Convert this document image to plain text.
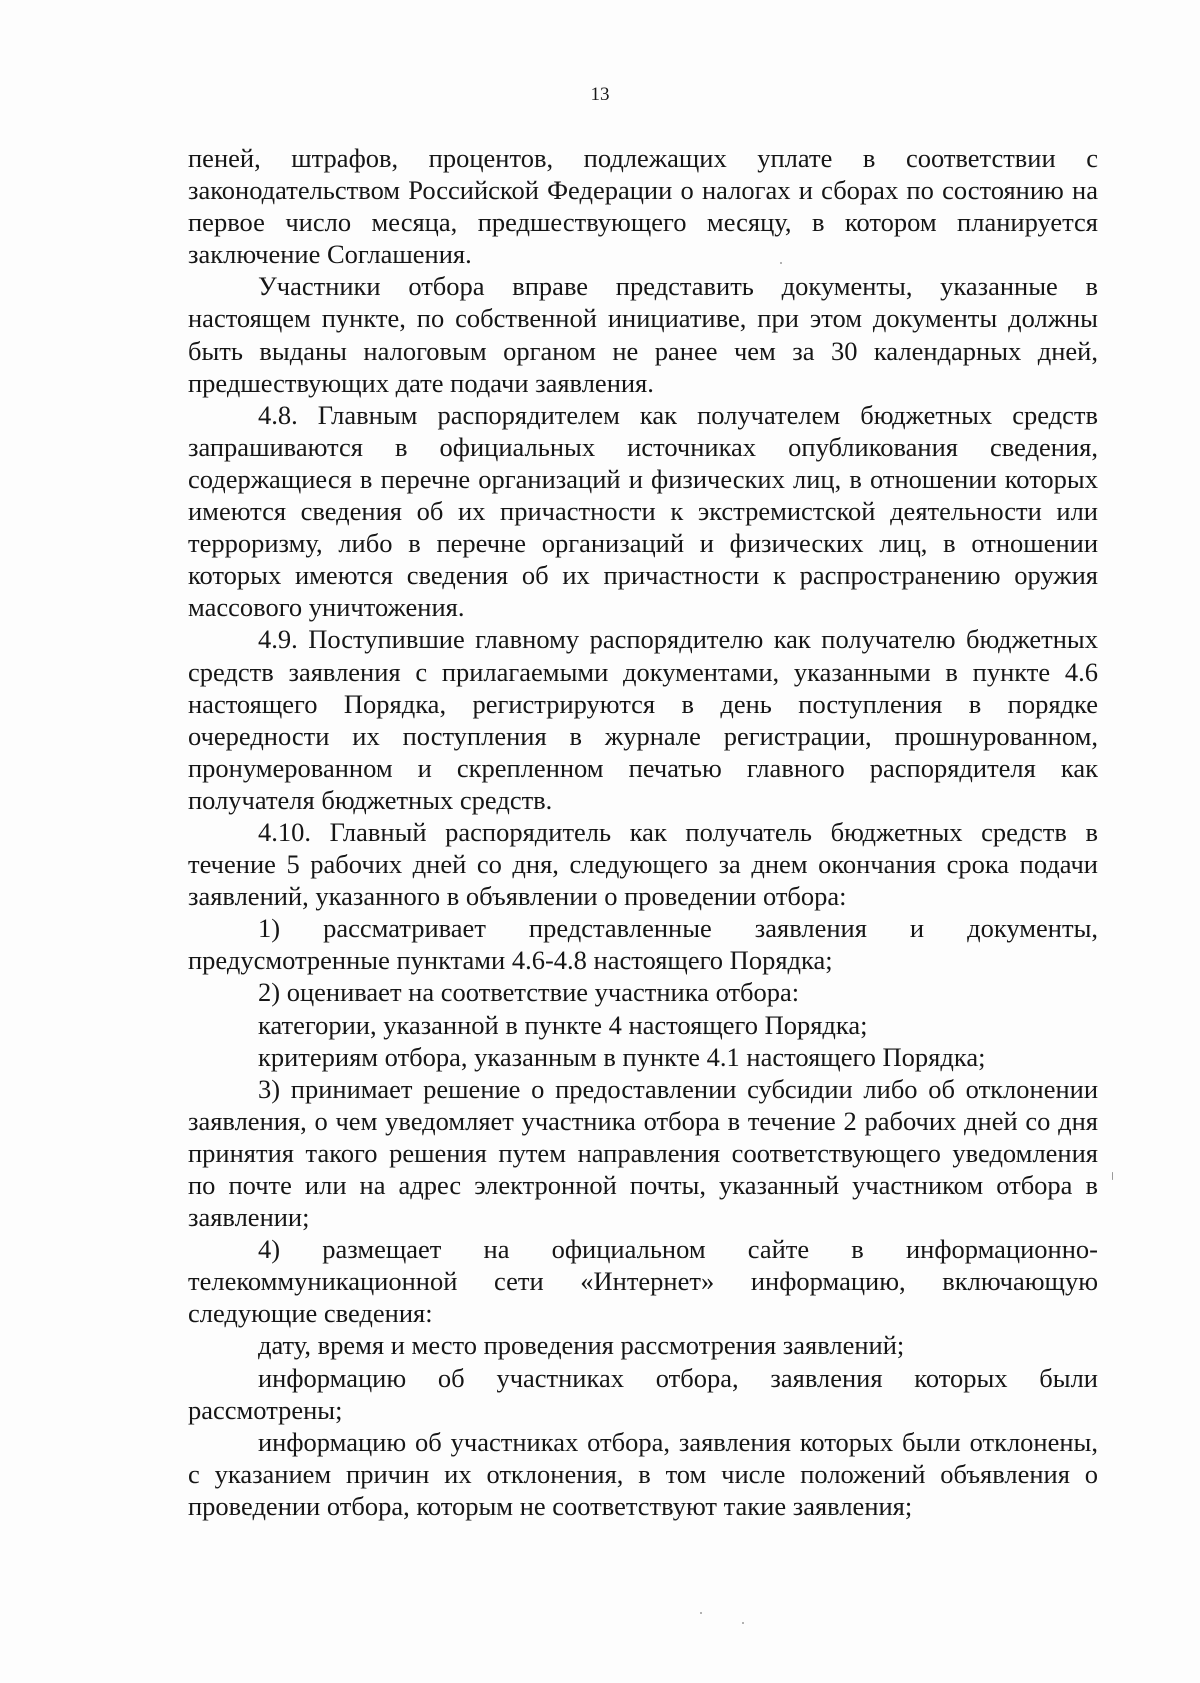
13

пеней, штрафов, процентов, подлежащих уплате в соответствии с законодательством Российской Федерации о налогах и сборах по состоянию на первое число месяца, предшествующего месяцу, в котором планируется заключение Соглашения.

Участники отбора вправе представить документы, указанные в настоящем пункте, по собственной инициативе, при этом документы должны быть выданы налоговым органом не ранее чем за 30 календарных дней, предшествующих дате подачи заявления.

4.8. Главным распорядителем как получателем бюджетных средств запрашиваются в официальных источниках опубликования сведения, содержащиеся в перечне организаций и физических лиц, в отношении которых имеются сведения об их причастности к экстремистской деятельности или терроризму, либо в перечне организаций и физических лиц, в отношении которых имеются сведения об их причастности к распространению оружия массового уничтожения.

4.9. Поступившие главному распорядителю как получателю бюджетных средств заявления с прилагаемыми документами, указанными в пункте 4.6 настоящего Порядка, регистрируются в день поступления в порядке очередности их поступления в журнале регистрации, прошнурованном, пронумерованном и скрепленном печатью главного распорядителя как получателя бюджетных средств.

4.10. Главный распорядитель как получатель бюджетных средств в течение 5 рабочих дней со дня, следующего за днем окончания срока подачи заявлений, указанного в объявлении о проведении отбора:

1) рассматривает представленные заявления и документы, предусмотренные пунктами 4.6-4.8 настоящего Порядка;

2) оценивает на соответствие участника отбора:

категории, указанной в пункте 4 настоящего Порядка;

критериям отбора, указанным в пункте 4.1 настоящего Порядка;

3) принимает решение о предоставлении субсидии либо об отклонении заявления, о чем уведомляет участника отбора в течение 2 рабочих дней со дня принятия такого решения путем направления соответствующего уведомления по почте или на адрес электронной почты, указанный участником отбора в заявлении;

4) размещает на официальном сайте в информационно-телекоммуникационной сети «Интернет» информацию, включающую следующие сведения:

дату, время и место проведения рассмотрения заявлений;

информацию об участниках отбора, заявления которых были рассмотрены;

информацию об участниках отбора, заявления которых были отклонены, с указанием причин их отклонения, в том числе положений объявления о проведении отбора, которым не соответствуют такие заявления;
